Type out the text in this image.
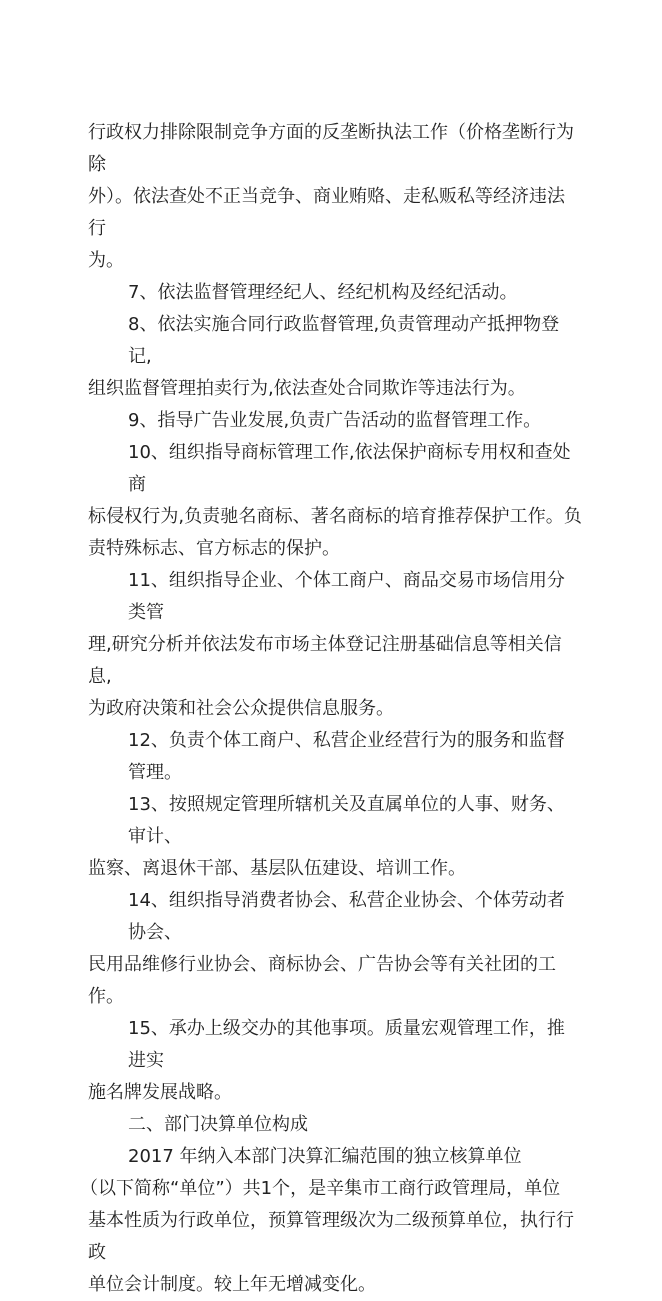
行政权力排除限制竞争方面的反垄断执法工作（价格垄断行为除
外）。依法查处不正当竞争、商业贿赂、走私贩私等经济违法行
为。
7、依法监督管理经纪人、经纪机构及经纪活动。
8、依法实施合同行政监督管理,负责管理动产抵押物登记,
组织监督管理拍卖行为,依法查处合同欺诈等违法行为。
9、指导广告业发展,负责广告活动的监督管理工作。
10、组织指导商标管理工作,依法保护商标专用权和查处商
标侵权行为,负责驰名商标、著名商标的培育推荐保护工作。负
责特殊标志、官方标志的保护。
11、组织指导企业、个体工商户、商品交易市场信用分类管
理,研究分析并依法发布市场主体登记注册基础信息等相关信息,
为政府决策和社会公众提供信息服务。
12、负责个体工商户、私营企业经营行为的服务和监督管理。
13、按照规定管理所辖机关及直属单位的人事、财务、审计、
监察、离退休干部、基层队伍建设、培训工作。
14、组织指导消费者协会、私营企业协会、个体劳动者协会、
民用品维修行业协会、商标协会、广告协会等有关社团的工作。
15、承办上级交办的其他事项。质量宏观管理工作，推进实
施名牌发展战略。
二、部门决算单位构成
2017 年纳入本部门决算汇编范围的独立核算单位
（以下简称“单位”）共1个，是辛集市工商行政管理局，单位
基本性质为行政单位，预算管理级次为二级预算单位，执行行政
单位会计制度。较上年无增减变化。
